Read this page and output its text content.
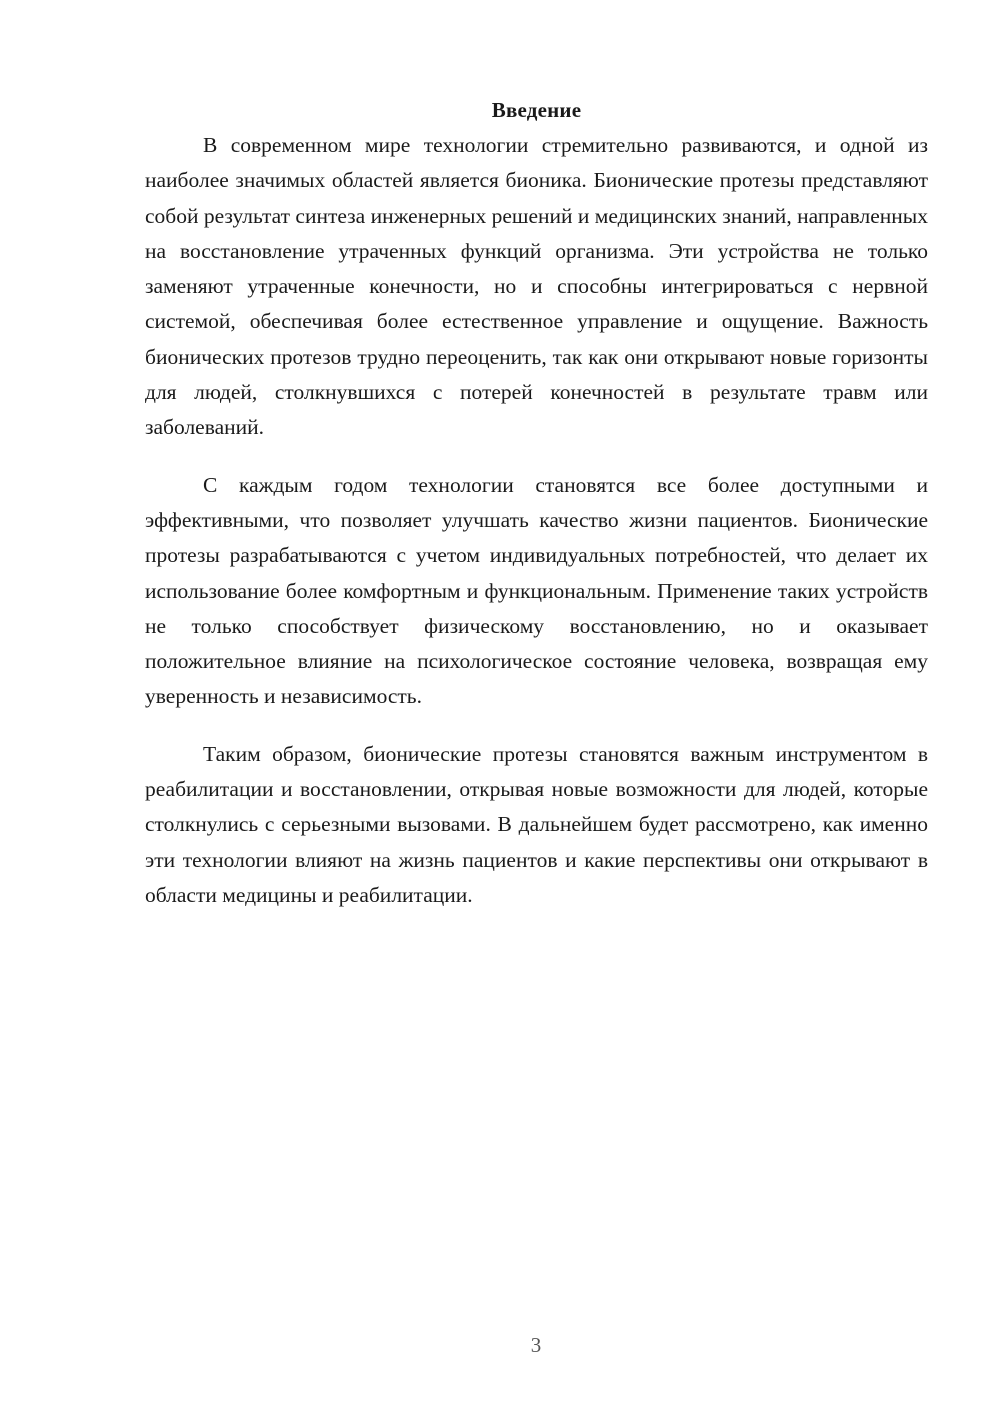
Введение

В современном мире технологии стремительно развиваются, и одной из наиболее значимых областей является бионика. Бионические протезы представляют собой результат синтеза инженерных решений и медицинских знаний, направленных на восстановление утраченных функций организма. Эти устройства не только заменяют утраченные конечности, но и способны интегрироваться с нервной системой, обеспечивая более естественное управление и ощущение. Важность бионических протезов трудно переоценить, так как они открывают новые горизонты для людей, столкнувшихся с потерей конечностей в результате травм или заболеваний.

С каждым годом технологии становятся все более доступными и эффективными, что позволяет улучшать качество жизни пациентов. Бионические протезы разрабатываются с учетом индивидуальных потребностей, что делает их использование более комфортным и функциональным. Применение таких устройств не только способствует физическому восстановлению, но и оказывает положительное влияние на психологическое состояние человека, возвращая ему уверенность и независимость.

Таким образом, бионические протезы становятся важным инструментом в реабилитации и восстановлении, открывая новые возможности для людей, которые столкнулись с серьезными вызовами. В дальнейшем будет рассмотрено, как именно эти технологии влияют на жизнь пациентов и какие перспективы они открывают в области медицины и реабилитации.

3
